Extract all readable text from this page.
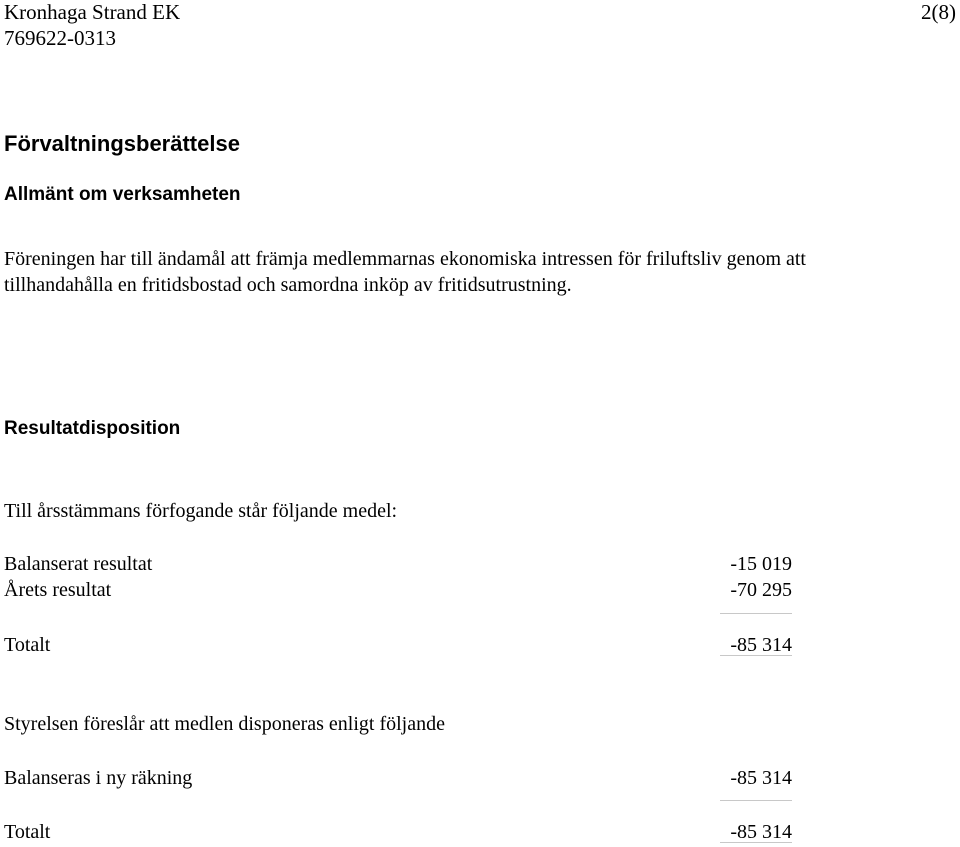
Kronhaga Strand EK
769622-0313
2(8)
Förvaltningsberättelse
Allmänt om verksamheten
Föreningen har till ändamål att främja medlemmarnas ekonomiska intressen för friluftsliv genom att
tillhandahålla en fritidsbostad och samordna inköp av fritidsutrustning.
Resultatdisposition
Till årsstämmans förfogande står följande medel:
Balanserat resultat	-15 019
Årets resultat	-70 295
Totalt	-85 314
Styrelsen föreslår att medlen disponeras enligt följande
Balanseras i ny räkning	-85 314
Totalt	-85 314
